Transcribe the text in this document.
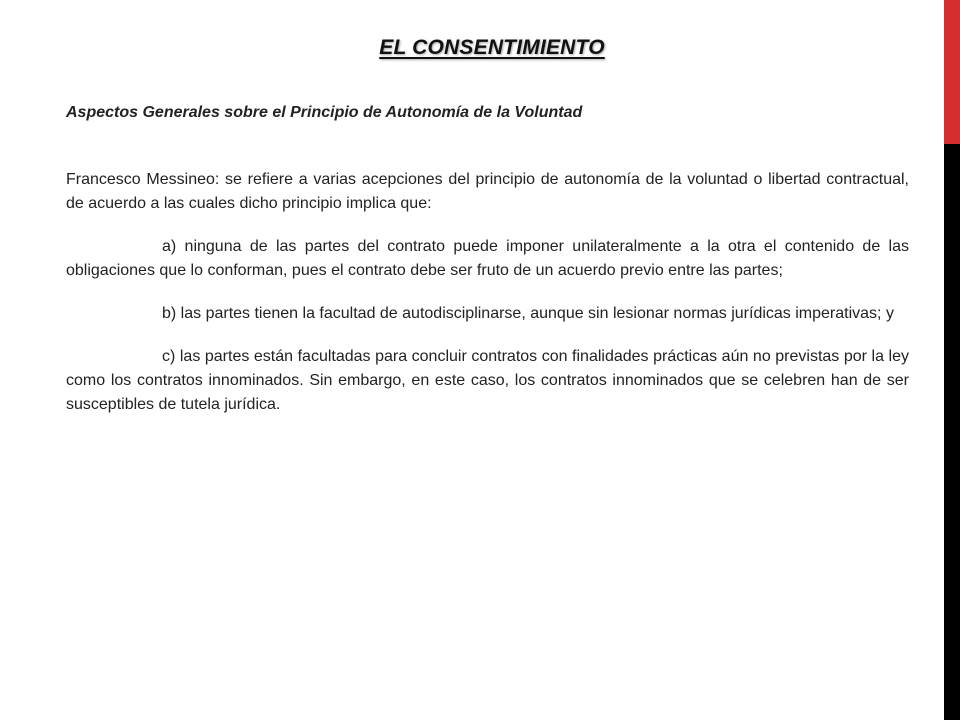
EL CONSENTIMIENTO
Aspectos Generales sobre el Principio de Autonomía de la Voluntad

Francesco Messineo: se refiere a varias acepciones del principio de autonomía de la voluntad o libertad contractual, de acuerdo a las cuales dicho principio implica que:

a) ninguna de las partes del contrato puede imponer unilateralmente a la otra el contenido de las obligaciones que lo conforman, pues el contrato debe ser fruto de un acuerdo previo entre las partes;

b) las partes tienen la facultad de autodisciplinarse, aunque sin lesionar normas jurídicas imperativas; y

c) las partes están facultadas para concluir contratos con finalidades prácticas aún no previstas por la ley como los contratos innominados. Sin embargo, en este caso, los contratos innominados que se celebren han de ser susceptibles de tutela jurídica.
